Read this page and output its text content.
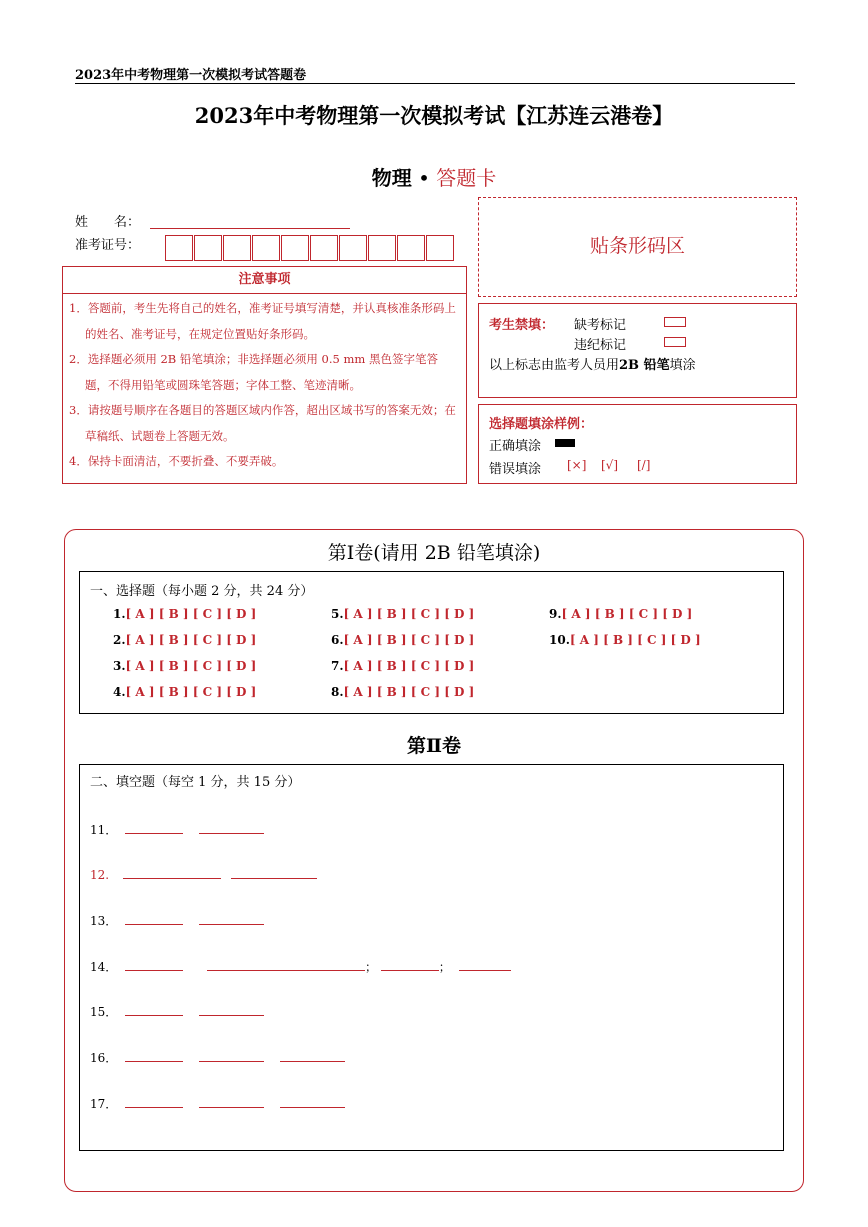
2023年中考物理第一次模拟考试答题卷
2023年中考物理第一次模拟考试【江苏连云港卷】
物理 • 答题卡
姓　　名：
准考证号：
注意事项
1．答题前，考生先将自己的姓名，准考证号填写清楚，并认真核准条形码上的姓名、准考证号，在规定位置贴好条形码。
2．选择题必须用 2B 铅笔填涂；非选择题必须用 0.5 mm 黑色签字笔答题，不得用铅笔或圆珠笔答题；字体工整、笔迹清晰。
3．请按题号顺序在各题目的答题区域内作答，超出区域书写的答案无效；在草稿纸、试题卷上答题无效。
4．保持卡面清洁，不要折叠、不要弄破。
贴条形码区
考生禁填： 缺考标记
违纪标记
以上标志由监考人员用2B 铅笔填涂
选择题填涂样例：
正确填涂
错误填涂 [×] [√] [/]
第Ⅰ卷(请用 2B 铅笔填涂)
一、选择题（每小题 2 分，共 24 分）
1.[ A ] [ B ] [ C ] [ D ]
2.[ A ] [ B ] [ C ] [ D ]
3.[ A ] [ B ] [ C ] [ D ]
4.[ A ] [ B ] [ C ] [ D ]
5.[ A ] [ B ] [ C ] [ D ]
6.[ A ] [ B ] [ C ] [ D ]
7.[ A ] [ B ] [ C ] [ D ]
8.[ A ] [ B ] [ C ] [ D ]
9.[ A ] [ B ] [ C ] [ D ]
10.[ A ] [ B ] [ C ] [ D ]
第Ⅱ卷
二、填空题（每空 1 分，共 15 分）
11．
12.
13．
14．	；	；
15．
16．
17．
